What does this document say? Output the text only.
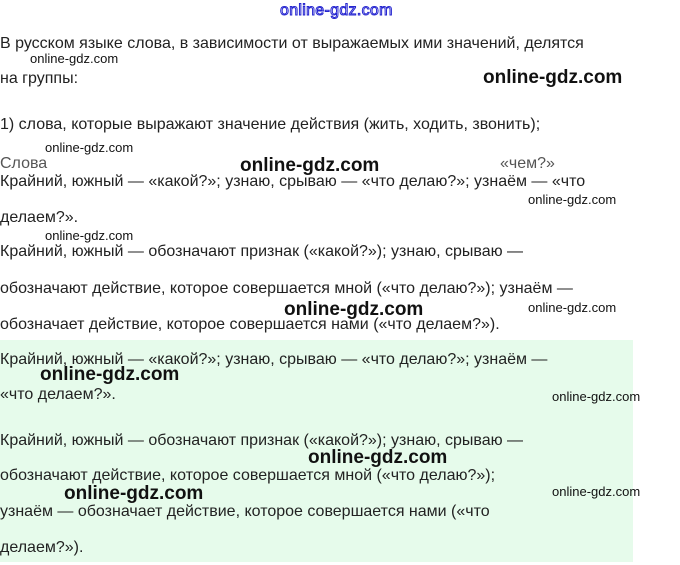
online-gdz.com
В русском языке слова, в зависимости от выражаемых ими значений, делятся
на группы:
1) слова, которые выражают значение действия (жить, ходить, звонить);
Слова	«чем?»
Крайний, южный — «какой?»; узнаю, срываю — «что делаю?»; узнаём — «что
делаем?».
Крайний, южный — обозначают признак («какой?»); узнаю, срываю —
обозначают действие, которое совершается мной («что делаю?»); узнаём —
обозначает действие, которое совершается нами («что делаем?»).
Крайний, южный — «какой?»; узнаю, срываю — «что делаю?»; узнаём —
«что делаем?».
Крайний, южный — обозначают признак («какой?»); узнаю, срываю —
обозначают действие, которое совершается мной («что делаю?»);
узнаём — обозначает действие, которое совершается нами («что
делаем?»).
online-gdz.com
online-gdz.com
online-gdz.com
online-gdz.com
online-gdz.com
online-gdz.com
online-gdz.com
online-gdz.com
online-gdz.com
online-gdz.com
online-gdz.com
online-gdz.com	online-gdz.com
